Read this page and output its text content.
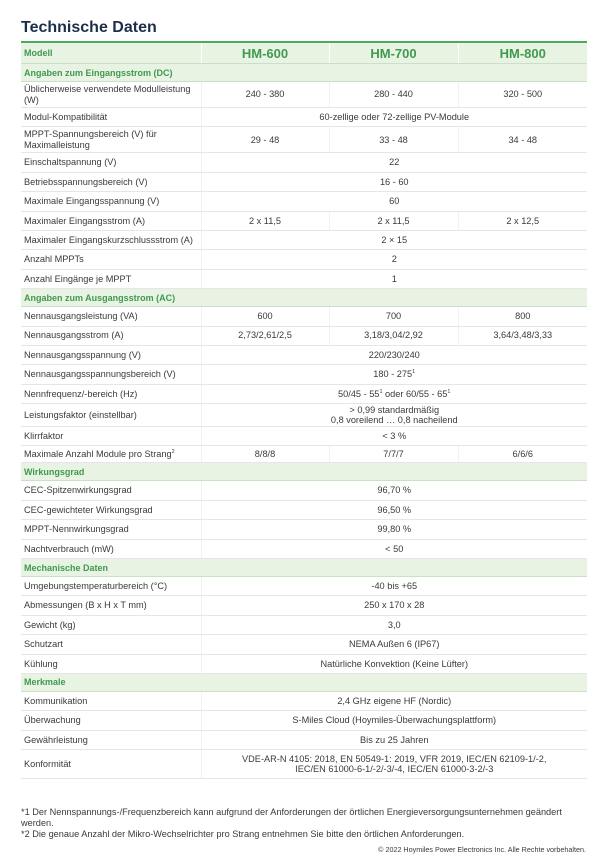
Technische Daten
Modell	HM-600	HM-700	HM-800
Angaben zum Eingangsstrom (DC)			
Üblicherweise verwendete Modulleistung (W)	240 - 380	280 - 440	320 - 500
Modul-Kompatibilität	60-zellige oder 72-zellige PV-Module		

MPPT-Spannungsbereich (V) für Maximalleistung	29 - 48	33 - 48	34 - 48
Einschaltspannung (V)	22		

Betriebsspannungsbereich (V)	16 - 60		

Maximale Eingangsspannung (V)	60		

Maximaler Eingangsstrom (A)	2 x 11,5	2 x 11,5	2 x 12,5
Maximaler Eingangskurzschlussstrom (A)	2 × 15		

Anzahl MPPTs	2		

Anzahl Eingänge je MPPT	1		

Angaben zum Ausgangsstrom (AC)			
Nennausgangsleistung (VA)	600	700	800
Nennausgangsstrom (A)	2,73/2,61/2,5	3,18/3,04/2,92	3,64/3,48/3,33
Nennausgangsspannung (V)	220/230/240		

Nennausgangsspannungsbereich (V)	$180 - 275^1$

Nennfrequenz/-bereich (Hz)	$50/45 - 55^1$ oder $60/55 - 65^1$

Leistungsfaktor (einstellbar)	> 0,99 standardmäßig
0,8 voreilend … 0,8 nacheilend		

Klirrfaktor	< 3 %		

Maximale Anzahl Module pro Strang$^2$	8/8/8	7/7/7	6/6/6
Wirkungsgrad			
CEC-Spitzenwirkungsgrad	96,70 %		

CEC-gewichteter Wirkungsgrad	96,50 %		

MPPT-Nennwirkungsgrad	99,80 %		

Nachtverbrauch (mW)	< 50		

Mechanische Daten			
Umgebungstemperaturbereich (°C)	-40 bis +65		

Abmessungen (B x H x T mm)	250 x 170 x 28		

Gewicht (kg)	3,0		

Schutzart	NEMA Außen 6 (IP67)		

Kühlung	Natürliche Konvektion (Keine Lüfter)		

Merkmale			
Kommunikation	2,4 GHz eigene HF (Nordic)		

Überwachung	S-Miles Cloud (Hoymiles-Überwachungsplattform)		

Gewährleistung	Bis zu 25 Jahren		

Konformität	VDE-AR-N 4105: 2018, EN 50549-1: 2019, VFR 2019, IEC/EN 62109-1/-2,
IEC/EN 61000-6-1/-2/-3/-4, IEC/EN 61000-3-2/-3		
*1 Der Nennspannungs-/Frequenzbereich kann aufgrund der Anforderungen der örtlichen Energieversorgungsunternehmen geändert werden.
*2 Die genaue Anzahl der Mikro-Wechselrichter pro Strang entnehmen Sie bitte den örtlichen Anforderungen.
© 2022 Hoymiles Power Electronics Inc. Alle Rechte vorbehalten.
